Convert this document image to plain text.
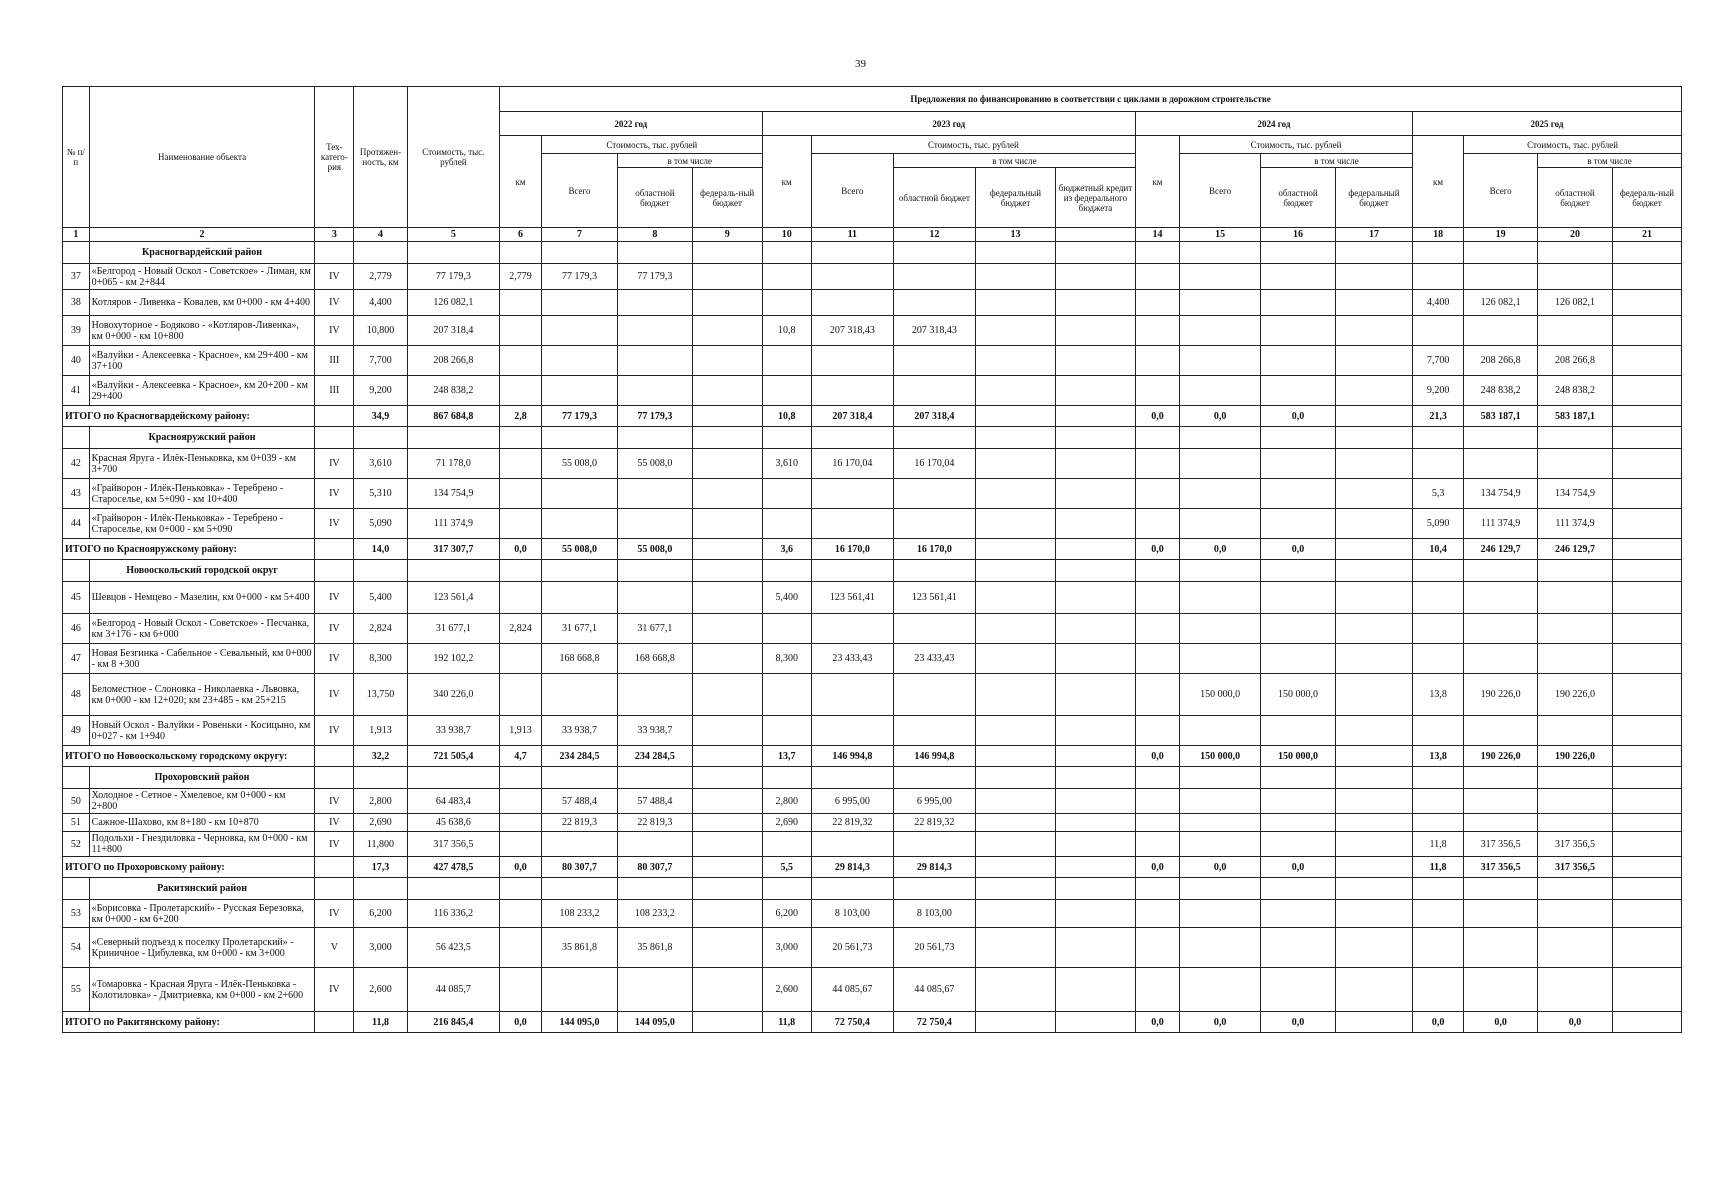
39
№ п/п	Наименование объекта	Тех-катего-рия	Протяжен-ность, км	Стоимость, тыс. рублей	Предложения по финансированию в соответствии с циклами в дорожном строительстве																
					2022 год				2023 год					2024 год				2025 год			
					км	Стоимость, тыс. рублей			км	Стоимость, тыс. рублей				км	Стоимость, тыс. рублей			км	Стоимость, тыс. рублей		
						Всего	в том числе			Всего	в том числе				Всего	в том числе			Всего	в том числе	
							областной бюджет	федераль-ный бюджет			областной бюджет	федеральный бюджет	бюджетный кредит из федерального бюджета			областной бюджет	федеральный бюджет			областной бюджет	федераль-ный бюджет
1	2	3	4	5	6	7	8	9	10	11	12	13		14	15	16	17	18	19	20	21
	Красногвардейский район																				
37	«Белгород - Новый Оскол - Советское» - Лиман, км 0+065 - км 2+844	IV	2,779	77 179,3	2,779	77 179,3	77 179,3														
38	Котляров - Ливенка - Ковалев, км 0+000 - км 4+400	IV	4,400	126 082,1														4,400	126 082,1	126 082,1	
39	Новохуторное - Бодяково - «Котляров-Ливенка», км 0+000 - км 10+800	IV	10,800	207 318,4					10,8	207 318,43	207 318,43										
40	«Валуйки - Алексеевка - Красное», км 29+400 - км 37+100	III	7,700	208 266,8														7,700	208 266,8	208 266,8	
41	«Валуйки - Алексеевка - Красное», км 20+200 - км 29+400	III	9,200	248 838,2														9,200	248 838,2	248 838,2	
ИТОГО по Красногвардейскому району:			34,9	867 684,8	2,8	77 179,3	77 179,3		10,8	207 318,4	207 318,4			0,0	0,0	0,0		21,3	583 187,1	583 187,1	
	Краснояружский район																				
42	Красная Яруга - Илёк-Пеньковка, км 0+039 - км 3+700	IV	3,610	71 178,0		55 008,0	55 008,0		3,610	16 170,04	16 170,04										
43	«Грайворон - Илёк-Пеньковка» - Теребрено - Староселье, км 5+090 - км 10+400	IV	5,310	134 754,9														5,3	134 754,9	134 754,9	
44	«Грайворон - Илёк-Пеньковка» - Теребрено - Староселье, км 0+000 - км 5+090	IV	5,090	111 374,9														5,090	111 374,9	111 374,9	
ИТОГО по Краснояружскому району:			14,0	317 307,7	0,0	55 008,0	55 008,0		3,6	16 170,0	16 170,0			0,0	0,0	0,0		10,4	246 129,7	246 129,7	
	Новооскольский городской округ																				
45	Шевцов - Немцево - Мазелин, км 0+000 - км 5+400	IV	5,400	123 561,4					5,400	123 561,41	123 561,41										
46	«Белгород - Новый Оскол - Советское» - Песчанка, км 3+176 - км 6+000	IV	2,824	31 677,1	2,824	31 677,1	31 677,1														
47	Новая Безгинка - Сабельное - Севальный, км 0+000 - км 8 +300	IV	8,300	192 102,2		168 668,8	168 668,8		8,300	23 433,43	23 433,43										
48	Беломестное - Слоновка - Николаевка - Львовка, км 0+000 - км 12+020; км 23+485 - км 25+215	IV	13,750	340 226,0											150 000,0	150 000,0		13,8	190 226,0	190 226,0	
49	Новый Оскол - Валуйки - Ровеньки - Косицыно, км 0+027 - км 1+940	IV	1,913	33 938,7	1,913	33 938,7	33 938,7														
ИТОГО по Новооскольскому городскому округу:			32,2	721 505,4	4,7	234 284,5	234 284,5		13,7	146 994,8	146 994,8			0,0	150 000,0	150 000,0		13,8	190 226,0	190 226,0	
	Прохоровский район																				
50	Холодное - Сетное - Хмелевое, км 0+000 - км 2+800	IV	2,800	64 483,4		57 488,4	57 488,4		2,800	6 995,00	6 995,00										
51	Сажное-Шахово, км 8+180 - км 10+870	IV	2,690	45 638,6		22 819,3	22 819,3		2,690	22 819,32	22 819,32										
52	Подольхи - Гнездиловка - Черновка, км 0+000 - км 11+800	IV	11,800	317 356,5														11,8	317 356,5	317 356,5	
ИТОГО по Прохоровскому району:			17,3	427 478,5	0,0	80 307,7	80 307,7		5,5	29 814,3	29 814,3			0,0	0,0	0,0		11,8	317 356,5	317 356,5	
	Ракитянский район																				
53	«Борисовка - Пролетарский» - Русская Березовка, км 0+000 - км 6+200	IV	6,200	116 336,2		108 233,2	108 233,2		6,200	8 103,00	8 103,00										
54	«Северный подъезд к поселку Пролетарский» - Криничное - Цибулевка, км 0+000 - км 3+000	V	3,000	56 423,5		35 861,8	35 861,8		3,000	20 561,73	20 561,73										
55	«Томаровка - Красная Яруга - Илёк-Пеньковка - Колотиловка» - Дмитриевка, км 0+000 - км 2+600	IV	2,600	44 085,7					2,600	44 085,67	44 085,67										
ИТОГО по Ракитянскому району:			11,8	216 845,4	0,0	144 095,0	144 095,0		11,8	72 750,4	72 750,4			0,0	0,0	0,0		0,0	0,0	0,0	
